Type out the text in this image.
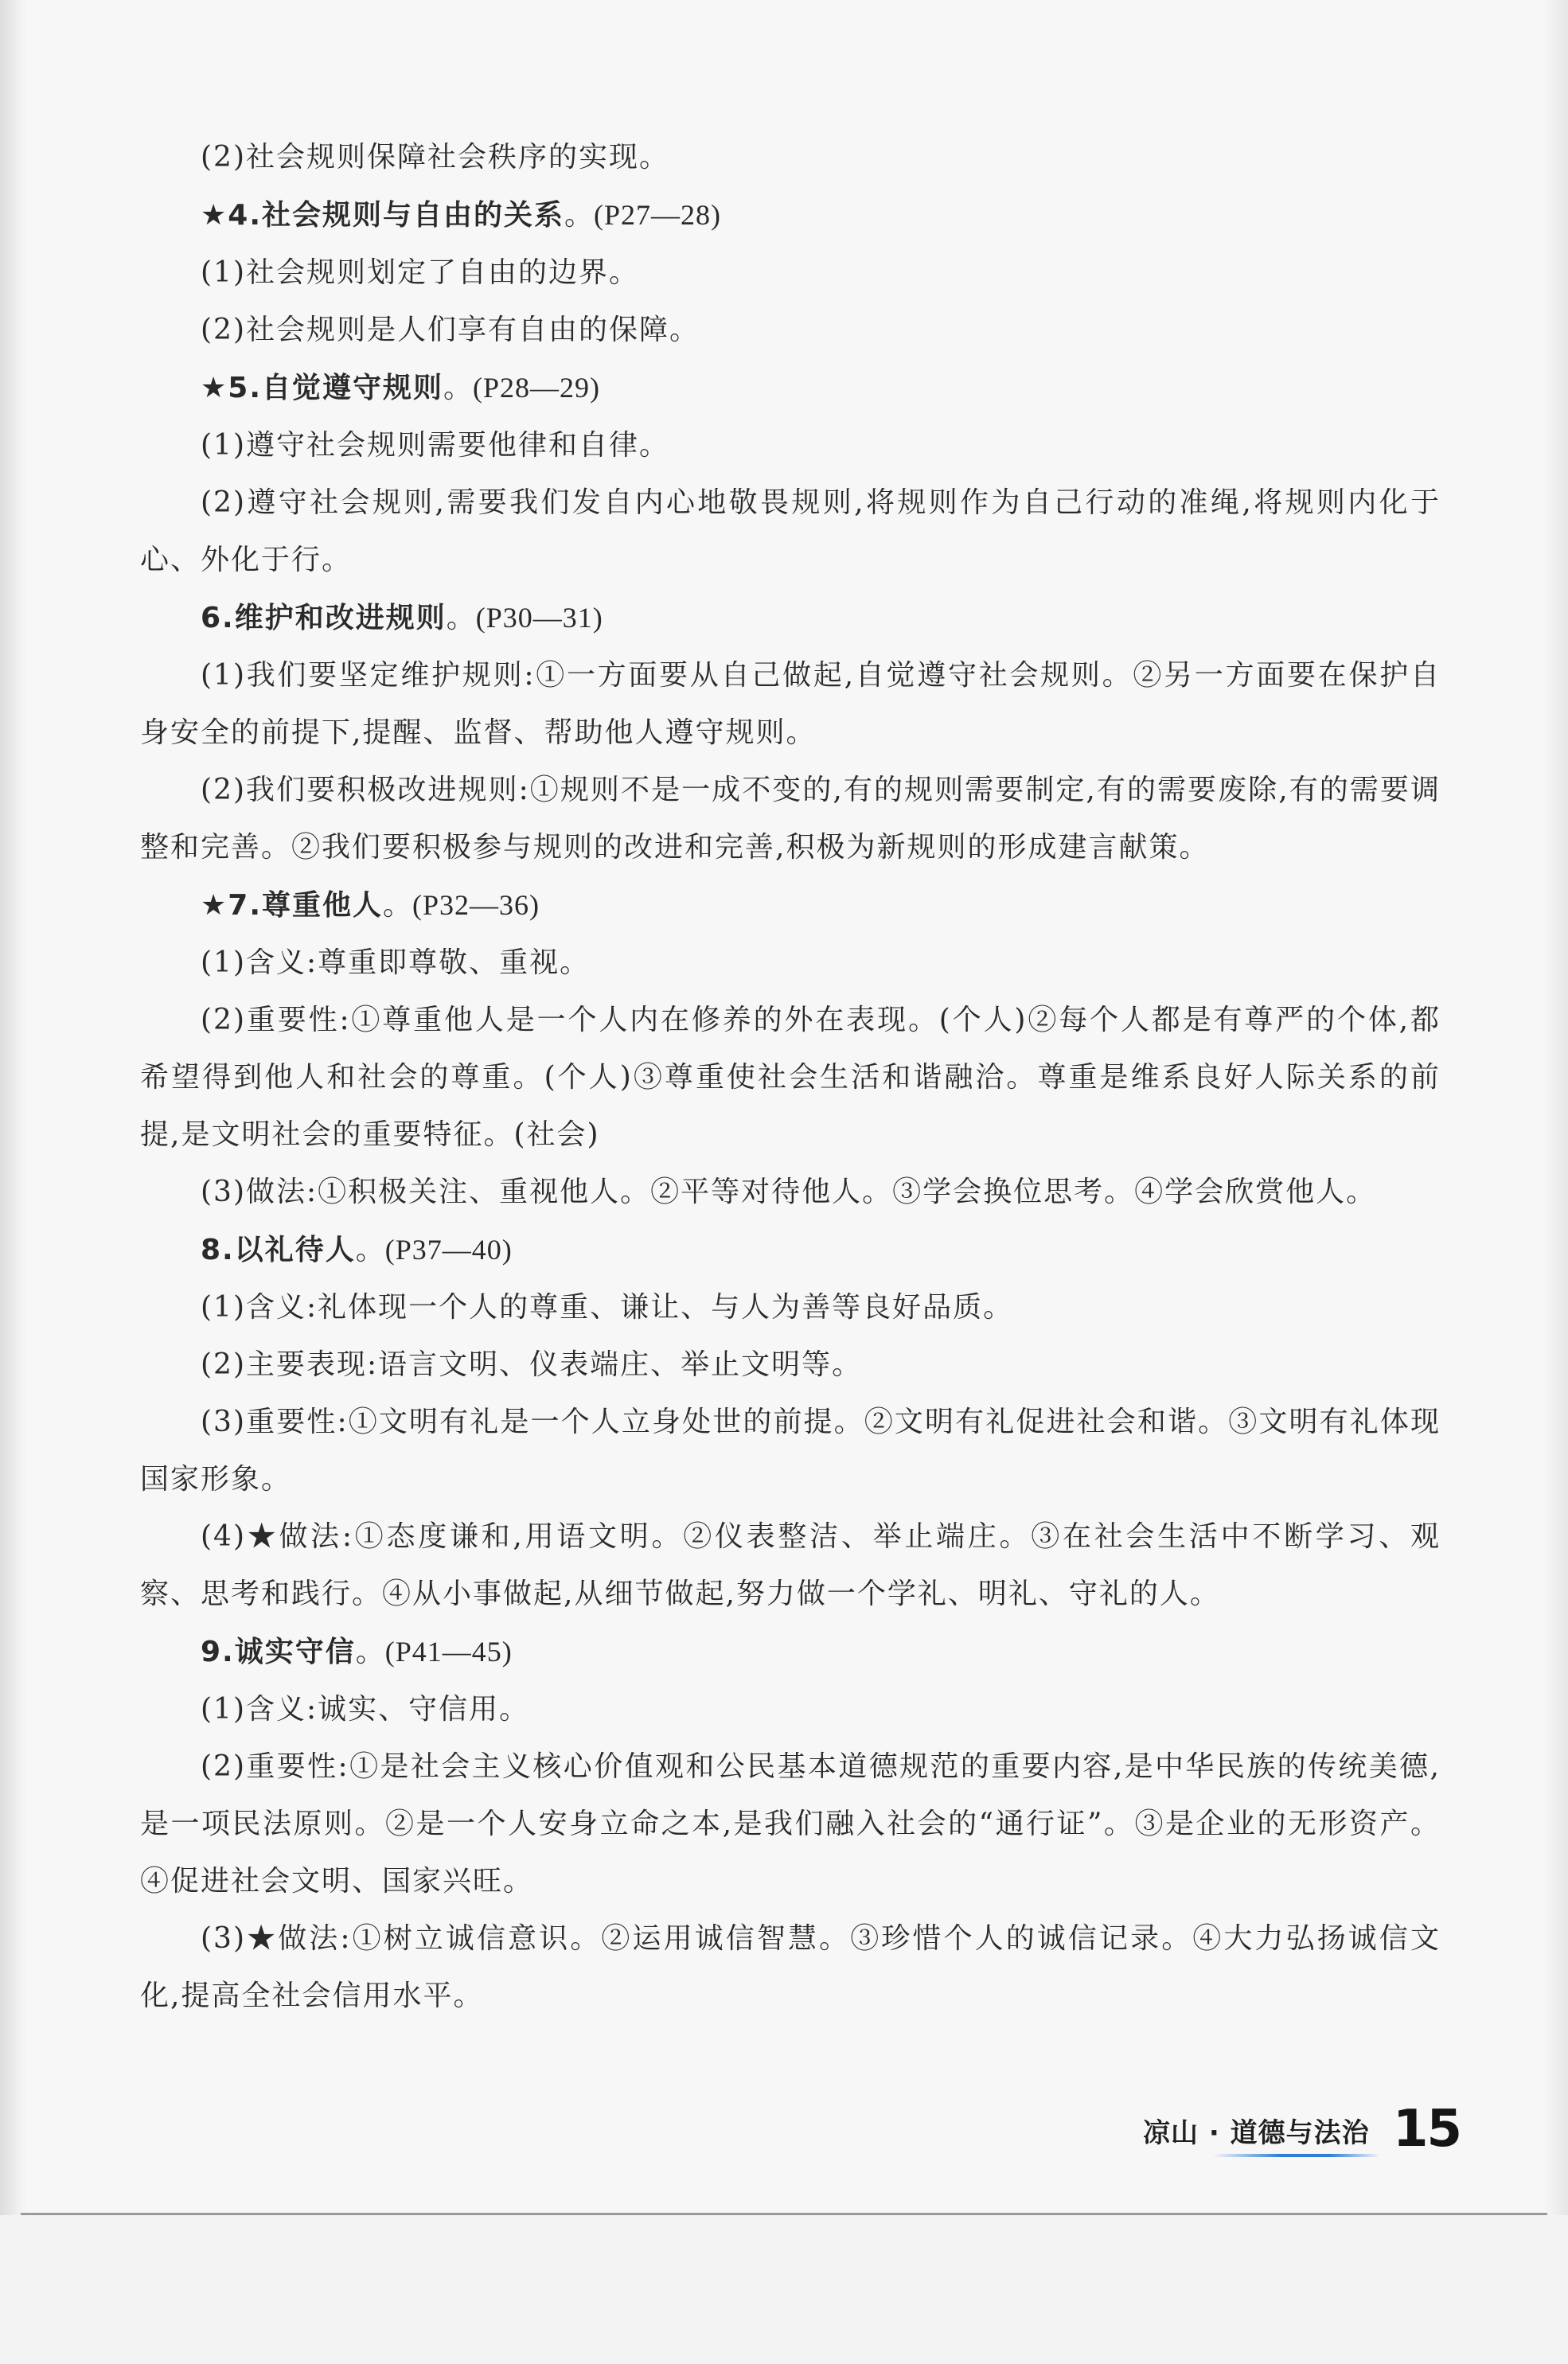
(2)社会规则保障社会秩序的实现。

★4.社会规则与自由的关系。(P27—28)

(1)社会规则划定了自由的边界。

(2)社会规则是人们享有自由的保障。

★5.自觉遵守规则。(P28—29)

(1)遵守社会规则需要他律和自律。

(2)遵守社会规则,需要我们发自内心地敬畏规则,将规则作为自己行动的准绳,将规则内化于心、外化于行。

6.维护和改进规则。(P30—31)

(1)我们要坚定维护规则:①一方面要从自己做起,自觉遵守社会规则。②另一方面要在保护自身安全的前提下,提醒、监督、帮助他人遵守规则。

(2)我们要积极改进规则:①规则不是一成不变的,有的规则需要制定,有的需要废除,有的需要调整和完善。②我们要积极参与规则的改进和完善,积极为新规则的形成建言献策。

★7.尊重他人。(P32—36)

(1)含义:尊重即尊敬、重视。

(2)重要性:①尊重他人是一个人内在修养的外在表现。(个人)②每个人都是有尊严的个体,都希望得到他人和社会的尊重。(个人)③尊重使社会生活和谐融洽。尊重是维系良好人际关系的前提,是文明社会的重要特征。(社会)

(3)做法:①积极关注、重视他人。②平等对待他人。③学会换位思考。④学会欣赏他人。

8.以礼待人。(P37—40)

(1)含义:礼体现一个人的尊重、谦让、与人为善等良好品质。

(2)主要表现:语言文明、仪表端庄、举止文明等。

(3)重要性:①文明有礼是一个人立身处世的前提。②文明有礼促进社会和谐。③文明有礼体现国家形象。

(4)★做法:①态度谦和,用语文明。②仪表整洁、举止端庄。③在社会生活中不断学习、观察、思考和践行。④从小事做起,从细节做起,努力做一个学礼、明礼、守礼的人。

9.诚实守信。(P41—45)

(1)含义:诚实、守信用。

(2)重要性:①是社会主义核心价值观和公民基本道德规范的重要内容,是中华民族的传统美德,是一项民法原则。②是一个人安身立命之本,是我们融入社会的“通行证”。③是企业的无形资产。④促进社会文明、国家兴旺。

(3)★做法:①树立诚信意识。②运用诚信智慧。③珍惜个人的诚信记录。④大力弘扬诚信文化,提高全社会信用水平。

凉山 · 道德与法治 15
